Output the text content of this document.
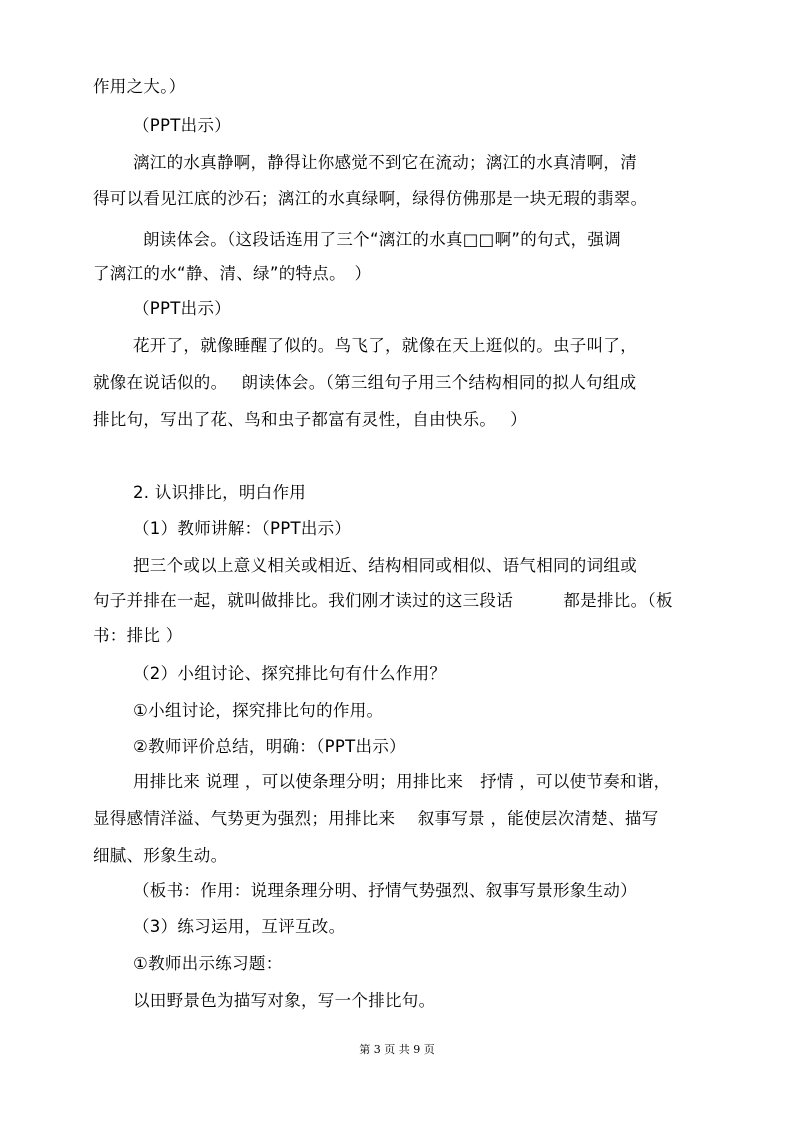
作用之大。）
（PPT出示）
漓江的水真静啊，静得让你感觉不到它在流动；漓江的水真清啊，清
得可以看见江底的沙石；漓江的水真绿啊，绿得仿佛那是一块无瑕的翡翠。
朗读体会。（这段话连用了三个“漓江的水真□□啊”的句式，强调
了漓江的水“静、清、绿”的特点。　）
（PPT出示）
花开了，就像睡醒了似的。鸟飞了，就像在天上逛似的。虫子叫了，
就像在说话似的。　 朗读体会。（第三组句子用三个结构相同的拟人句组成
排比句，写出了花、鸟和虫子都富有灵性，自由快乐。　 ）
2. 认识排比，明白作用
（1）教师讲解：（PPT出示）
把三个或以上意义相关或相近、结构相同或相似、语气相同的词组或
句子并排在一起，就叫做排比。我们刚才读过的这三段话　　　都是排比。（板
书：排比 ）
（2）小组讨论、探究排比句有什么作用？
①小组讨论，探究排比句的作用。
②教师评价总结，明确：（PPT出示）
用排比来 说理 ，可以使条理分明；用排比来　抒情 ，可以使节奏和谐，
显得感情洋溢、气势更为强烈；用排比来　 叙事写景 ，能使层次清楚、描写
细腻、形象生动。
（板书：作用：说理条理分明、抒情气势强烈、叙事写景形象生动）
（3）练习运用，互评互改。
①教师出示练习题：
以田野景色为描写对象，写一个排比句。
第 3 页 共 9 页
